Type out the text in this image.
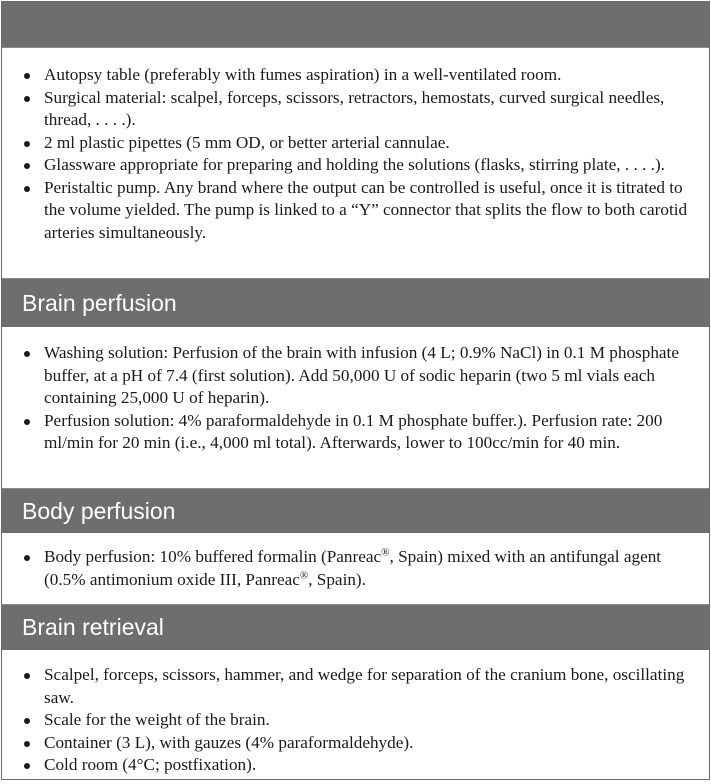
Autopsy table (preferably with fumes aspiration) in a well-ventilated room.
Surgical material: scalpel, forceps, scissors, retractors, hemostats, curved surgical needles, thread, . . . .).
2 ml plastic pipettes (5 mm OD, or better arterial cannulae.
Glassware appropriate for preparing and holding the solutions (flasks, stirring plate, . . . .).
Peristaltic pump. Any brand where the output can be controlled is useful, once it is titrated to the volume yielded. The pump is linked to a “Y” connector that splits the flow to both carotid arteries simultaneously.
Brain perfusion
Washing solution: Perfusion of the brain with infusion (4 L; 0.9% NaCl) in 0.1 M phosphate buffer, at a pH of 7.4 (first solution). Add 50,000 U of sodic heparin (two 5 ml vials each containing 25,000 U of heparin).
Perfusion solution: 4% paraformaldehyde in 0.1 M phosphate buffer.). Perfusion rate: 200 ml/min for 20 min (i.e., 4,000 ml total). Afterwards, lower to 100cc/min for 40 min.
Body perfusion
Body perfusion: 10% buffered formalin (Panreac®, Spain) mixed with an antifungal agent (0.5% antimonium oxide III, Panreac®, Spain).
Brain retrieval
Scalpel, forceps, scissors, hammer, and wedge for separation of the cranium bone, oscillating saw.
Scale for the weight of the brain.
Container (3 L), with gauzes (4% paraformaldehyde).
Cold room (4°C; postfixation).
